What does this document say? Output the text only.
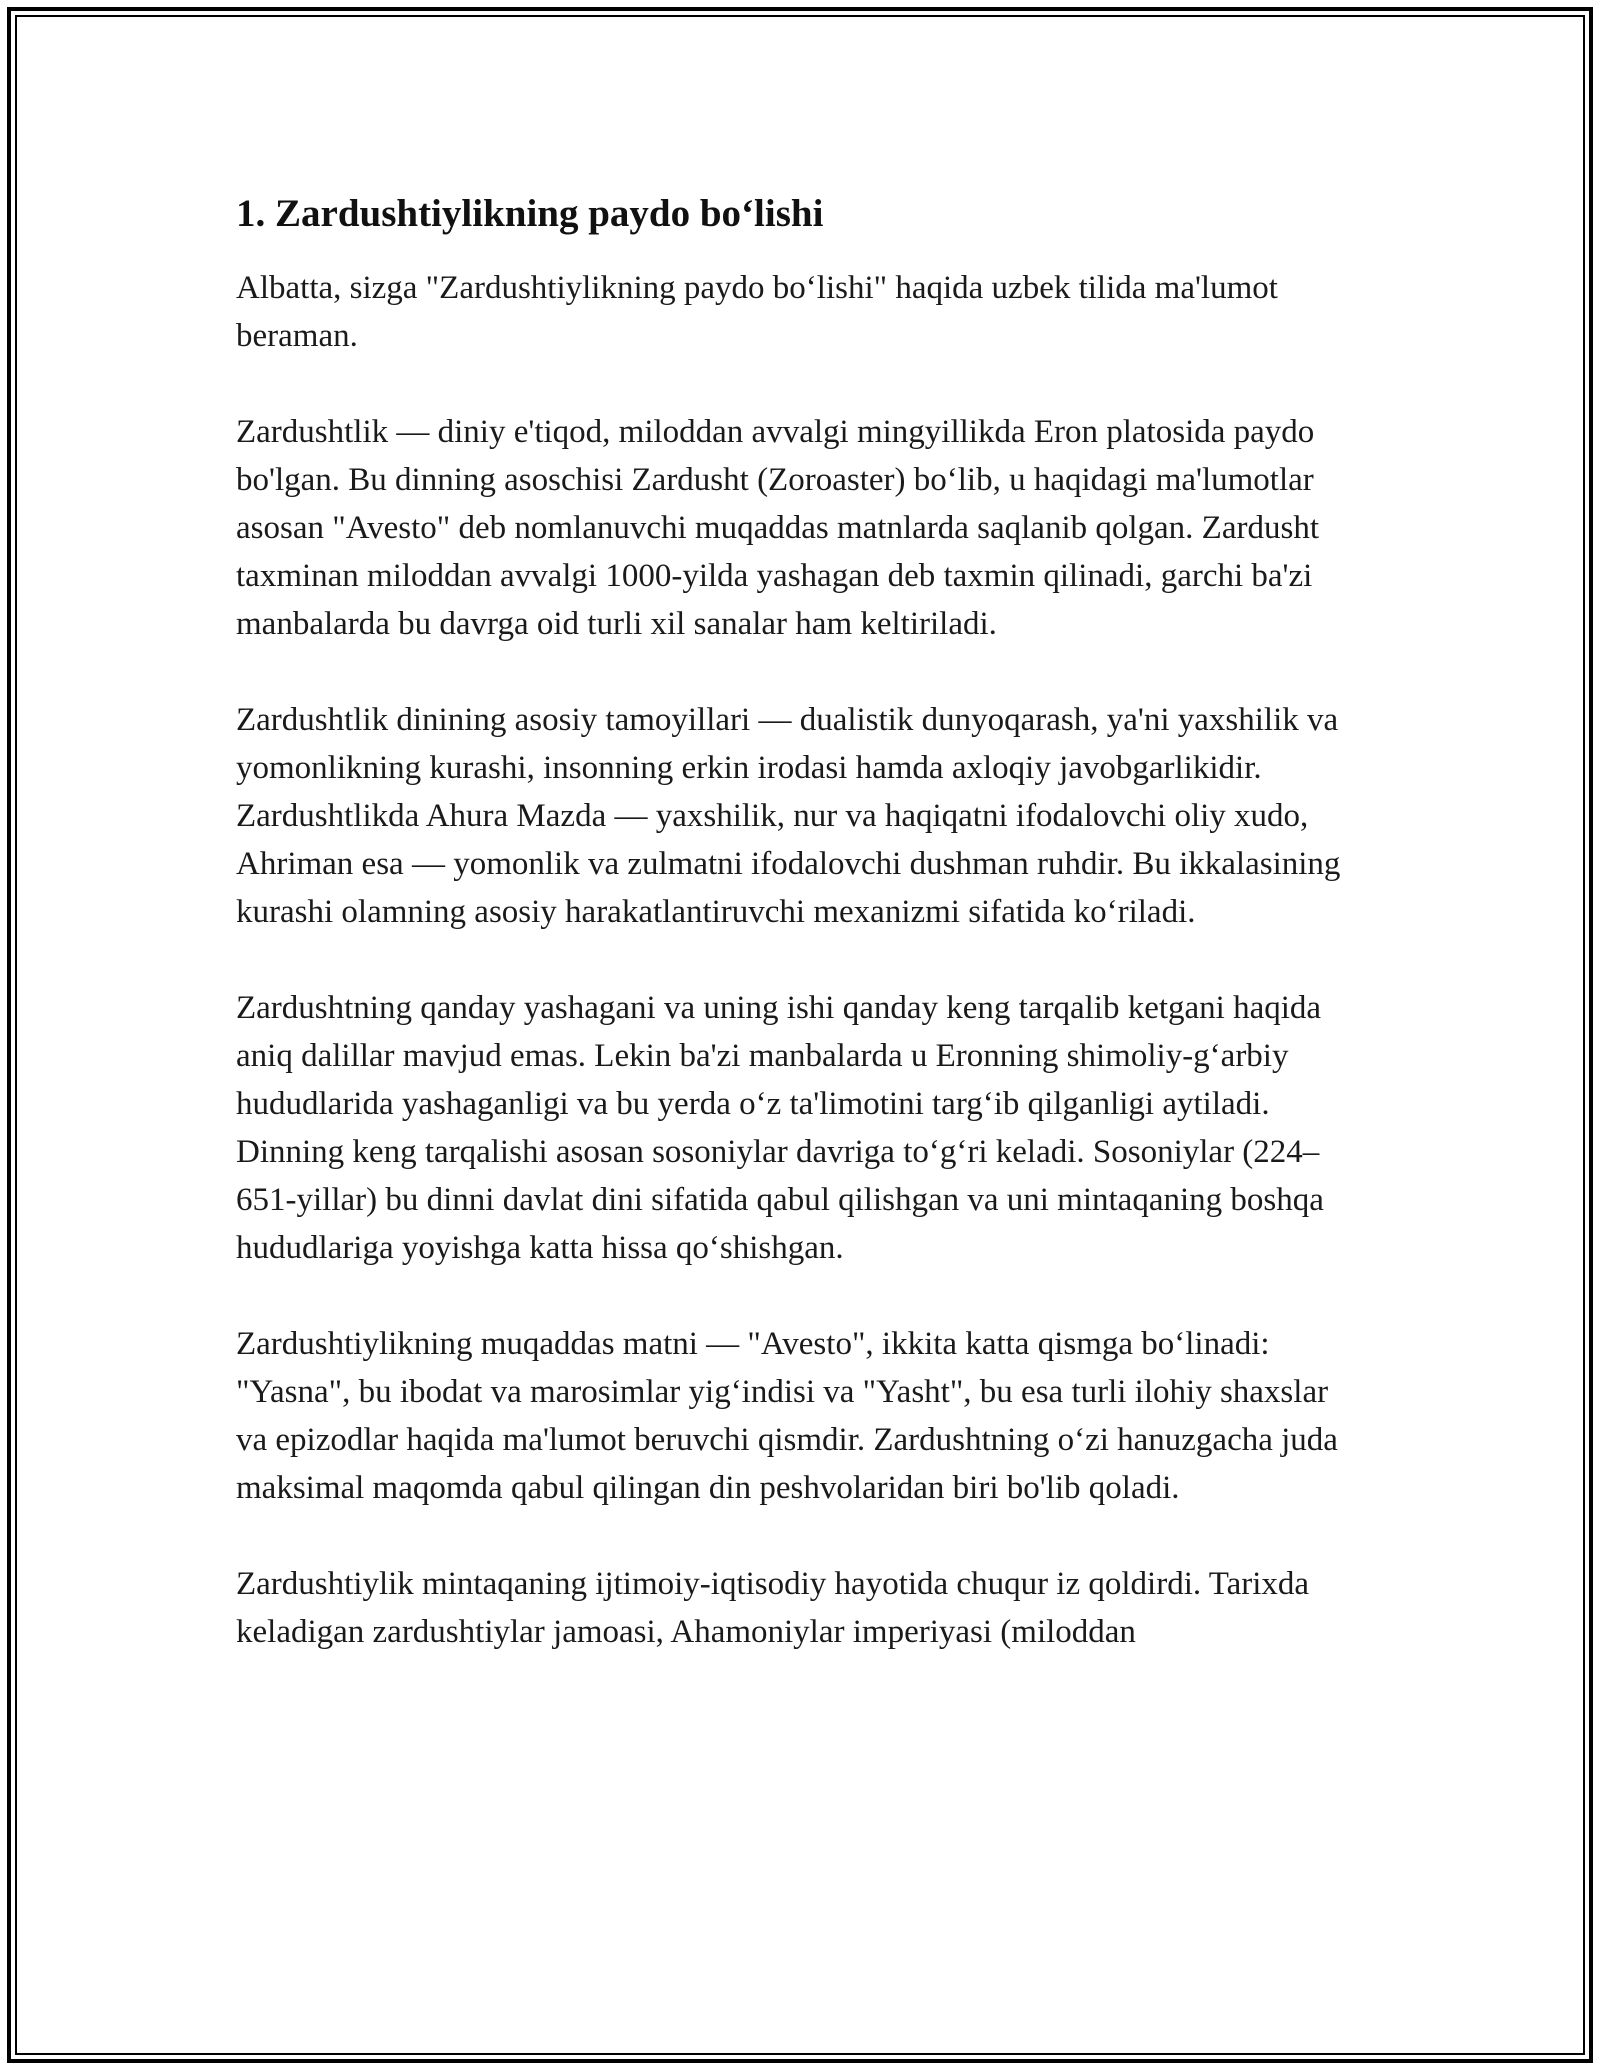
1. Zardushtiylikning paydo bo‘lishi

Albatta, sizga "Zardushtiylikning paydo bo‘lishi" haqida uzbek tilida ma'lumot beraman.

Zardushtlik — diniy e'tiqod, miloddan avvalgi mingyillikda Eron platosida paydo bo'lgan. Bu dinning asoschisi Zardusht (Zoroaster) bo‘lib, u haqidagi ma'lumotlar asosan "Avesto" deb nomlanuvchi muqaddas matnlarda saqlanib qolgan. Zardusht taxminan miloddan avvalgi 1000-yilda yashagan deb taxmin qilinadi, garchi ba'zi manbalarda bu davrga oid turli xil sanalar ham keltiriladi.

Zardushtlik dinining asosiy tamoyillari — dualistik dunyoqarash, ya'ni yaxshilik va yomonlikning kurashi, insonning erkin irodasi hamda axloqiy javobgarlikidir. Zardushtlikda Ahura Mazda — yaxshilik, nur va haqiqatni ifodalovchi oliy xudo, Ahriman esa — yomonlik va zulmatni ifodalovchi dushman ruhdir. Bu ikkalasining kurashi olamning asosiy harakatlantiruvchi mexanizmi sifatida ko‘riladi.

Zardushtning qanday yashagani va uning ishi qanday keng tarqalib ketgani haqida aniq dalillar mavjud emas. Lekin ba'zi manbalarda u Eronning shimoliy-g‘arbiy hududlarida yashaganligi va bu yerda o‘z ta'limotini targ‘ib qilganligi aytiladi. Dinning keng tarqalishi asosan sosoniylar davriga to‘g‘ri keladi. Sosoniylar (224–651-yillar) bu dinni davlat dini sifatida qabul qilishgan va uni mintaqaning boshqa hududlariga yoyishga katta hissa qo‘shishgan.

Zardushtiylikning muqaddas matni — "Avesto", ikkita katta qismga bo‘linadi: "Yasna", bu ibodat va marosimlar yig‘indisi va "Yasht", bu esa turli ilohiy shaxslar va epizodlar haqida ma'lumot beruvchi qismdir. Zardushtning o‘zi hanuzgacha juda maksimal maqomda qabul qilingan din peshvolaridan biri bo'lib qoladi.

Zardushtiylik mintaqaning ijtimoiy-iqtisodiy hayotida chuqur iz qoldirdi. Tarixda keladigan zardushtiylar jamoasi, Ahamoniylar imperiyasi (miloddan
